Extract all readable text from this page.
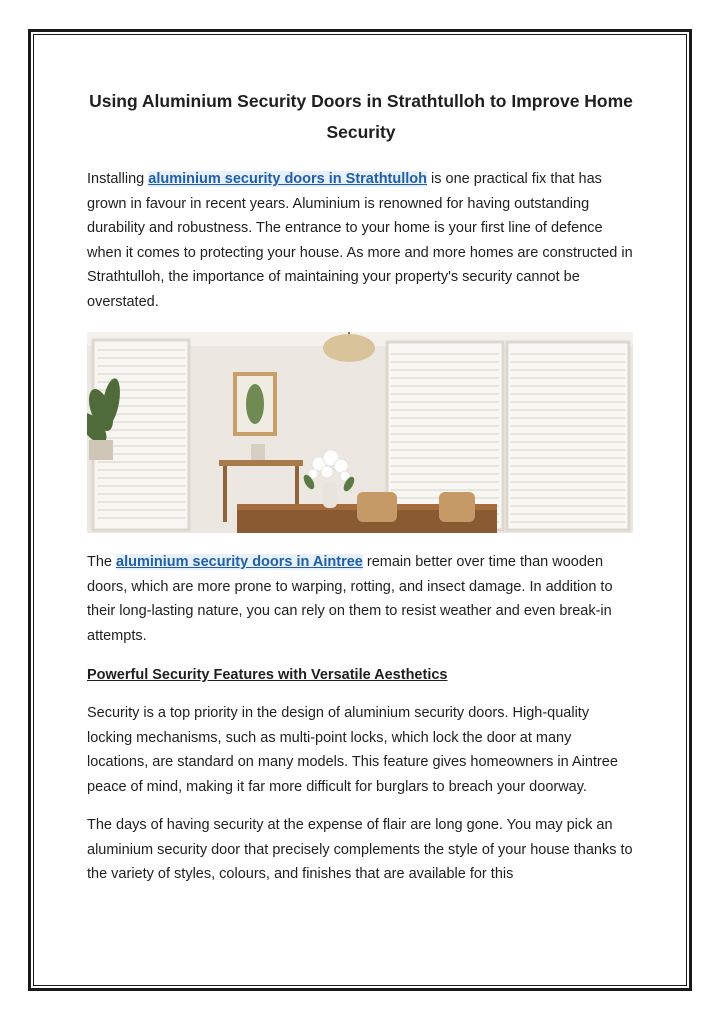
Using Aluminium Security Doors in Strathtulloh to Improve Home Security

Installing aluminium security doors in Strathtulloh is one practical fix that has grown in favour in recent years. Aluminium is renowned for having outstanding durability and robustness. The entrance to your home is your first line of defence when it comes to protecting your house. As more and more homes are constructed in Strathtulloh, the importance of maintaining your property's security cannot be overstated.

The aluminium security doors in Aintree remain better over time than wooden doors, which are more prone to warping, rotting, and insect damage. In addition to their long-lasting nature, you can rely on them to resist weather and even break-in attempts.

Powerful Security Features with Versatile Aesthetics

Security is a top priority in the design of aluminium security doors. High-quality locking mechanisms, such as multi-point locks, which lock the door at many locations, are standard on many models. This feature gives homeowners in Aintree peace of mind, making it far more difficult for burglars to breach your doorway.

The days of having security at the expense of flair are long gone. You may pick an aluminium security door that precisely complements the style of your house thanks to the variety of styles, colours, and finishes that are available for this
